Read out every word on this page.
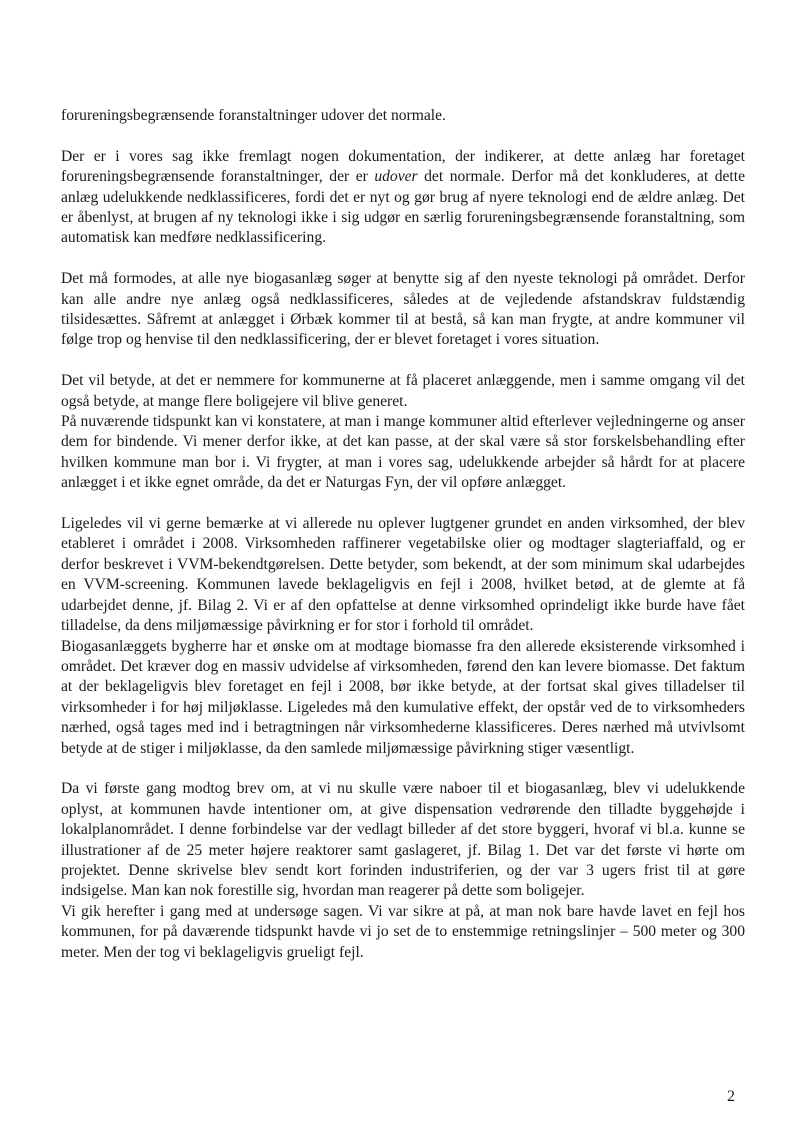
forureningsbegrænsende foranstaltninger udover det normale.

Der er i vores sag ikke fremlagt nogen dokumentation, der indikerer, at dette anlæg har foretaget forureningsbegrænsende foranstaltninger, der er udover det normale. Derfor må det konkluderes, at dette anlæg udelukkende nedklassificeres, fordi det er nyt og gør brug af nyere teknologi end de ældre anlæg. Det er åbenlyst, at brugen af ny teknologi ikke i sig udgør en særlig forureningsbegrænsende foranstaltning, som automatisk kan medføre nedklassificering.

Det må formodes, at alle nye biogasanlæg søger at benytte sig af den nyeste teknologi på området. Derfor kan alle andre nye anlæg også nedklassificeres, således at de vejledende afstandskrav fuldstændig tilsidesættes. Såfremt at anlægget i Ørbæk kommer til at bestå, så kan man frygte, at andre kommuner vil følge trop og henvise til den nedklassificering, der er blevet foretaget i vores situation.

Det vil betyde, at det er nemmere for kommunerne at få placeret anlæggende, men i samme omgang vil det også betyde, at mange flere boligejere vil blive generet.

På nuværende tidspunkt kan vi konstatere, at man i mange kommuner altid efterlever vejledningerne og anser dem for bindende. Vi mener derfor ikke, at det kan passe, at der skal være så stor forskelsbehandling efter hvilken kommune man bor i. Vi frygter, at man i vores sag, udelukkende arbejder så hårdt for at placere anlægget i et ikke egnet område, da det er Naturgas Fyn, der vil opføre anlægget.

Ligeledes vil vi gerne bemærke at vi allerede nu oplever lugtgener grundet en anden virksomhed, der blev etableret i området i 2008. Virksomheden raffinerer vegetabilske olier og modtager slagteriaffald, og er derfor beskrevet i VVM-bekendtgørelsen. Dette betyder, som bekendt, at der som minimum skal udarbejdes en VVM-screening. Kommunen lavede beklageligvis en fejl i 2008, hvilket betød, at de glemte at få udarbejdet denne, jf. Bilag 2. Vi er af den opfattelse at denne virksomhed oprindeligt ikke burde have fået tilladelse, da dens miljømæssige påvirkning er for stor i forhold til området.

Biogasanlæggets bygherre har et ønske om at modtage biomasse fra den allerede eksisterende virksomhed i området. Det kræver dog en massiv udvidelse af virksomheden, førend den kan levere biomasse. Det faktum at der beklageligvis blev foretaget en fejl i 2008, bør ikke betyde, at der fortsat skal gives tilladelser til virksomheder i for høj miljøklasse. Ligeledes må den kumulative effekt, der opstår ved de to virksomheders nærhed, også tages med ind i betragtningen når virksomhederne klassificeres. Deres nærhed må utvivlsomt betyde at de stiger i miljøklasse, da den samlede miljømæssige påvirkning stiger væsentligt.

Da vi første gang modtog brev om, at vi nu skulle være naboer til et biogasanlæg, blev vi udelukkende oplyst, at kommunen havde intentioner om, at give dispensation vedrørende den tilladte byggehøjde i lokalplanområdet. I denne forbindelse var der vedlagt billeder af det store byggeri, hvoraf vi bl.a. kunne se illustrationer af de 25 meter højere reaktorer samt gaslageret, jf. Bilag 1. Det var det første vi hørte om projektet. Denne skrivelse blev sendt kort forinden industriferien, og der var 3 ugers frist til at gøre indsigelse. Man kan nok forestille sig, hvordan man reagerer på dette som boligejer.

Vi gik herefter i gang med at undersøge sagen. Vi var sikre at på, at man nok bare havde lavet en fejl hos kommunen, for på daværende tidspunkt havde vi jo set de to enstemmige retningslinjer – 500 meter og 300 meter. Men der tog vi beklageligvis grueligt fejl.

2
